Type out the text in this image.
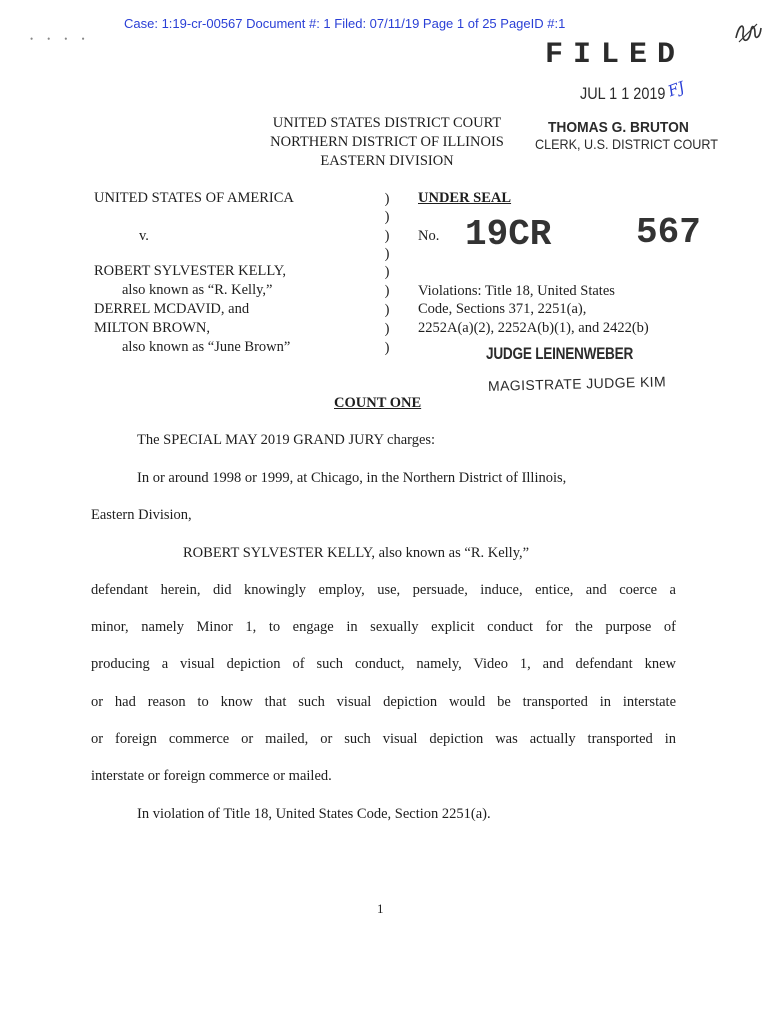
Case: 1:19-cr-00567 Document #: 1 Filed: 07/11/19 Page 1 of 25 PageID #:1
••••	FILED
JUL 1 1 2019 FJ
THOMAS G. BRUTON
CLERK, U.S. DISTRICT COURT
UNITED STATES DISTRICT COURT
NORTHERN DISTRICT OF ILLINOIS
EASTERN DIVISION
UNITED STATES OF AMERICA
v.
ROBERT SYLVESTER KELLY,
also known as “R. Kelly,”
DERREL MCDAVID, and
MILTON BROWN,
also known as “June Brown”
)
)
)
)
)
)
)
)
)
UNDER SEAL
No. 19CR 567
Violations: Title 18, United States
Code, Sections 371, 2251(a),
2252A(a)(2), 2252A(b)(1), and 2422(b)
JUDGE LEINENWEBER
MAGISTRATE JUDGE KIM
COUNT ONE
The SPECIAL MAY 2019 GRAND JURY charges:
In or around 1998 or 1999, at Chicago, in the Northern District of Illinois,
Eastern Division,
ROBERT SYLVESTER KELLY, also known as “R. Kelly,”
defendant herein, did knowingly employ, use, persuade, induce, entice, and coerce a
minor, namely Minor 1, to engage in sexually explicit conduct for the purpose of
producing a visual depiction of such conduct, namely, Video 1, and defendant knew
or had reason to know that such visual depiction would be transported in interstate
or foreign commerce or mailed, or such visual depiction was actually transported in
interstate or foreign commerce or mailed.
In violation of Title 18, United States Code, Section 2251(a).
1
